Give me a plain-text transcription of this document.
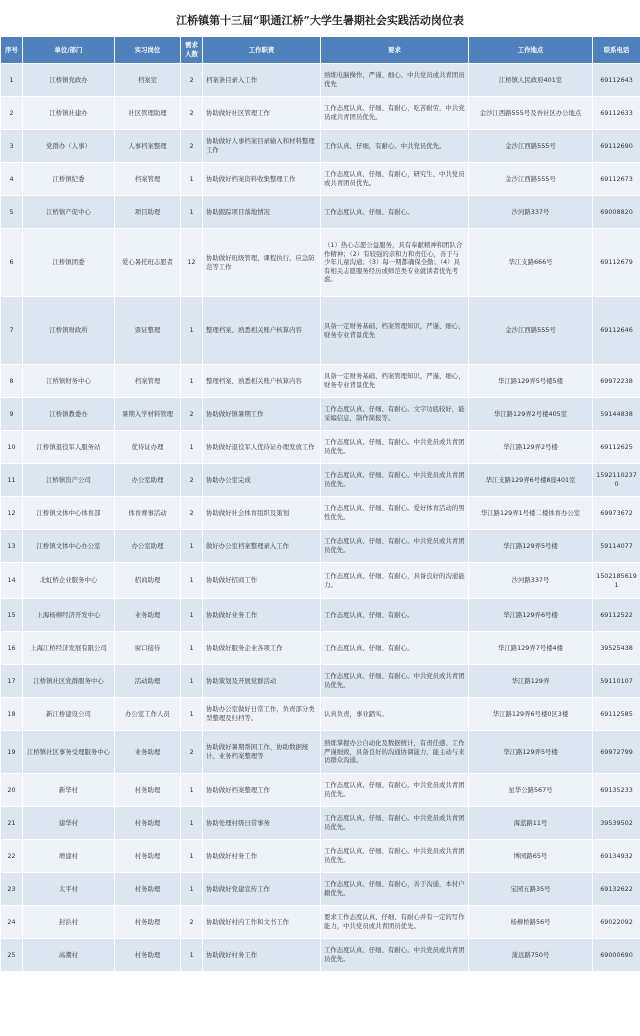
江桥镇第十三届“职通江桥”大学生暑期社会实践活动岗位表
序号	单位/部门	实习岗位	需求人数	工作职责	要求	工作地点	联系电话
1	江桥镇党政办	档案室	2	档案条目录入工作	熟练电脑操作，严谨、细心、中共党员或共青团员优先	江桥镇人民政府401室	69112643
2	江桥镇社建办	社区管理助理	2	协助做好社区管理工作	工作态度认真、仔细、有耐心，吃苦耐劳，中共党员或共青团员优先。	金沙江西路555号及吾社区办公地点	69112633
3	党群办（人事）	人事档案整理	2	协助做好人事档案目录输入和材料整理工作	工作认真、仔细，有耐心。中共党员优先。	金沙江西路555号	69112690
4	江桥镇纪委	档案管理	1	协助做好档案资料收集整理工作	工作态度认真、仔细、有耐心，研究生、中共党员或共青团员优先。	金沙江西路555号	69112673
5	江桥镇产促中心	项目助理	1	协助跟踪项目落地情况	工作态度认真、仔细、有耐心。	沙河路337号	69008820
6	江桥镇团委	爱心暑托班志愿者	12	协助做好班级管理、课程执行、应急防范等工作	（1）热心志愿公益服务，具有奉献精神和团队合作精神；（2）有较强的亲和力和责任心，善于与少年儿童沟通；（3）每一期都确保全勤；（4）具有相关志愿服务经历或师范类专业就读者优先考虑。	华江支路666号	69112679
7	江桥镇财政所	票证整理	1	整理档案、熟悉相关账户核算内容	具备一定财务基础、档案管理知识，严谨、细心，财务专业背景优先	金沙江西路555号	69112646
8	江桥镇财务中心	档案管理	1	整理档案、熟悉相关账户核算内容	具备一定财务基础、档案管理知识，严谨、细心，财务专业背景优先	华江路129弄5号楼5楼	69972238
9	江桥镇教委办	暑期入学材料管理	2	协助做好镇暑期工作	工作态度认真、仔细、有耐心。文字功底较好，能采编信息，制作简报等。	华江路129弄2号楼405室	59144838
10	江桥镇退役军人服务站	优待证办理	1	协助做好退役军人优待证办理发放工作	工作态度认真、仔细、有耐心。中共党员或共青团员优先。	华江路129弄2号楼	69112625
11	江桥镇资产公司	办公室助理	2	协助办公室完成	工作态度认真、仔细、有耐心。中共党员或共青团员优先。	华江支路129弄6号楼8座401室	15921102370
12	江桥镇文体中心体育部	体育赛事活动	2	协助做好社会体育组织及策划	工作态度认真、仔细、有耐心。爱好体育活动的男性优先。	华江路129弄1号楼二楼体育办公室	69973672
13	江桥镇文体中心办公室	办公室助理	1	做好办公室档案整理录入工作	工作态度认真、仔细、有耐心。中共党员或共青团员优先。	华江路129弄5号楼	59114077
14	北虹桥企业服务中心	招商助理	1	协助做好招商工作	工作态度认真、仔细、有耐心，具备良好的沟通能力。	沙河路337号	15021856191
15	上海杨柳经济开发中心	业务助理	1	协助做好业务工作	工作态度认真、仔细、有耐心。	华江路129弄6号楼	69112522
16	上海江桥经济发展有限公司	窗口接待	1	协助做好服务企业各项工作	工作态度认真、仔细、有耐心。	华江路129弄7号楼4楼	39525438
17	江桥镇社区党群服务中心	活动助理	1	协助策划及开展党群活动	工作态度认真、仔细、有耐心。中共党员或共青团员优先。	华江路129弄	59110107
18	新江桥建设公司	办公室工作人员	1	协助办公室做好日常工作，负责部分类型整理及归档等。	认真负责，事业踏实。	华江路129弄6号楼0区3楼	69112585
19	江桥镇社区事务受理服务中心	业务助理	2	协助做好暑期帮困工作，协助数据统计、业务档案整理等	熟练掌握办公自动化及数据统计，有责任感、工作严谨细致，具备良好的沟通协调能力，能主动与来访群众沟通。	华江路129弄5号楼	69972799
20	新华村	村务助理	1	协助做好档案整理工作	工作态度认真、仔细、有耐心。中共党员或共青团员优先。	星华公路567号	69135233
21	建华村	村务助理	1	协助处理村级日常事务	工作态度认真、仔细、有耐心。中共党员或共青团员优先。	海蓝路11号	39539502
22	增建村	村务助理	1	协助做好村务工作	工作态度认真、仔细、有耐心。中共党员或共青团员优先。	博园路65号	69134932
23	太平村	村务助理	1	协助做好党建宣传工作	工作态度认真、仔细、有耐心，善于沟通，本村户籍优先。	宝园五路35号	69132622
24	封浜村	村务助理	2	协助做好村内工作和文书工作	要求工作态度认真、仔细、有耐心并有一定的写作能力，中共党员或共青团员优先。	杨柳桥路56号	69022092
25	高潮村	村务助理	1	协助做好村务工作	工作态度认真、仔细、有耐心。中共党员或共青团员优先。	蒲远路750号	69000690
